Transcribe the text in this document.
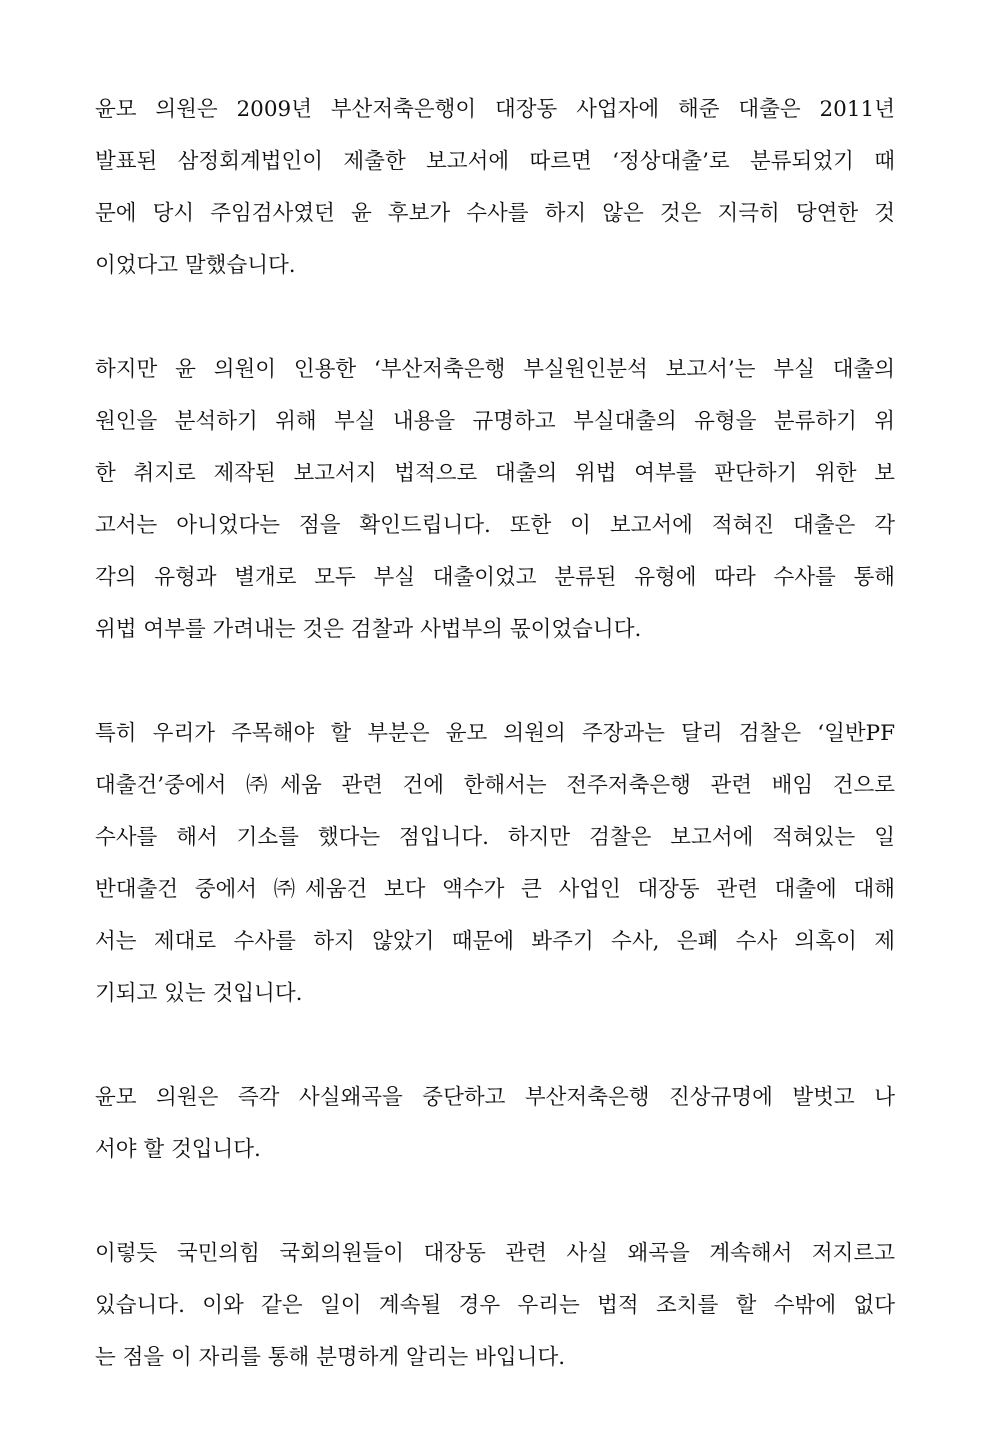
윤모 의원은 2009년 부산저축은행이 대장동 사업자에 해준 대출은 2011년
발표된 삼정회계법인이 제출한 보고서에 따르면 ‘정상대출’로 분류되었기 때
문에 당시 주임검사였던 윤 후보가 수사를 하지 않은 것은 지극히 당연한 것
이었다고 말했습니다.
하지만 윤 의원이 인용한 ‘부산저축은행 부실원인분석 보고서’는 부실 대출의
원인을 분석하기 위해 부실 내용을 규명하고 부실대출의 유형을 분류하기 위
한 취지로 제작된 보고서지 법적으로 대출의 위법 여부를 판단하기 위한 보
고서는 아니었다는 점을 확인드립니다. 또한 이 보고서에 적혀진 대출은 각
각의 유형과 별개로 모두 부실 대출이었고 분류된 유형에 따라 수사를 통해
위법 여부를 가려내는 것은 검찰과 사법부의 몫이었습니다.
특히 우리가 주목해야 할 부분은 윤모 의원의 주장과는 달리 검찰은 ‘일반PF
대출건’중에서 ㈜세움 관련 건에 한해서는 전주저축은행 관련 배임 건으로
수사를 해서 기소를 했다는 점입니다. 하지만 검찰은 보고서에 적혀있는 일
반대출건 중에서 ㈜세움건 보다 액수가 큰 사업인 대장동 관련 대출에 대해
서는 제대로 수사를 하지 않았기 때문에 봐주기 수사, 은폐 수사 의혹이 제
기되고 있는 것입니다.
윤모 의원은 즉각 사실왜곡을 중단하고 부산저축은행 진상규명에 발벗고 나
서야 할 것입니다.
이렇듯 국민의힘 국회의원들이 대장동 관련 사실 왜곡을 계속해서 저지르고
있습니다. 이와 같은 일이 계속될 경우 우리는 법적 조치를 할 수밖에 없다
는 점을 이 자리를 통해 분명하게 알리는 바입니다.
